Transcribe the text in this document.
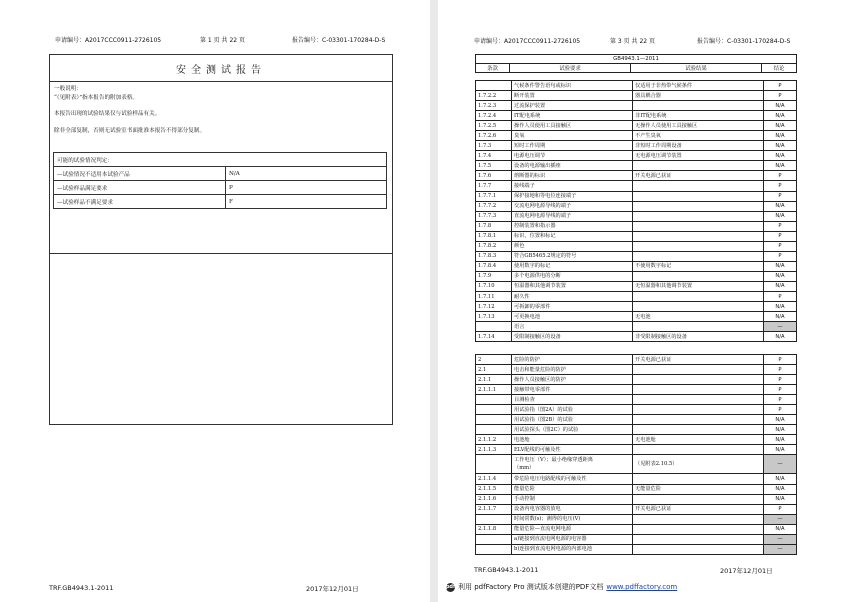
申请编号：A2017CCC0911-2726105	第 1 页 共 22 页	报告编号：C-03301-170284-D-S
安全测试报告
一般说明：
“（见附表）”指本报告的附加表格。
本报告出现的试验结果仅与试验样品有关。
除非全部复制，否则无试验室书面批准本报告不得部分复制。
可能的试验情况判定：	
—试验情况不适用本试验产品	N/A
—试验样品满足要求	P
—试验样品不满足要求	F
TRF.GB4943.1-2011	2017年12月01日
申请编号：A2017CCC0911-2726105	第 3 页 共 22 页	报告编号：C-03301-170284-D-S
GB4943.1—2011
条款	试验要求	试验结果	结论
	气候条件警告语句或标识	仅适用于非热带气候条件	P
1.7.2.2	断开装置	器具耦合器	P
1.7.2.3	过流保护装置		N/A
1.7.2.4	IT配电系统	非IT配电系统	N/A
1.7.2.5	操作人员使用工具接触区	无操作人员使用工具接触区	N/A
1.7.2.6	臭氧	不产生臭氧	N/A
1.7.3	短时工作周期	非短时工作周期设备	N/A
1.7.4	电源电压调节	无电源电压调节装置	N/A
1.7.5	设备的电源输出插座		N/A
1.7.6	熔断器的标识	开关电源已获证	P
1.7.7	接线端子		P
1.7.7.1	保护接地和等电位连接端子		P
1.7.7.2	交流电网电源导线的端子		N/A
1.7.7.3	直流电网电源导线的端子		N/A
1.7.8	控制装置和指示器		P
1.7.8.1	标识，位置和标记		P
1.7.8.2	颜色		P
1.7.8.3	符合GB5465.2规定的符号		P
1.7.8.4	使用数字的标记	不使用数字标记	N/A
1.7.9	多个电源供电的分断		N/A
1.7.10	恒温器和其他调节装置	无恒温器和其他调节装置	N/A
1.7.11	耐久性		P
1.7.12	可拆卸的零部件		N/A
1.7.13	可更换电池	无电池	N/A
	语言		—
1.7.14	受限制接触区的设备	非受限制接触区的设备	N/A
2	危险的防护	开关电源已获证	P
2.1	电击和能量危险的防护		P
2.1.1	操作人员接触区的防护		P
2.1.1.1	接触带电零部件		P
	目测检查		P
	用试验指（图2A）的试验		P
	用试验指（图2B）的试验		N/A
	用试验探头（图2C）的试验		N/A
2.1.1.2	电池舱	无电池舱	N/A
2.1.1.3	ELV配线的可触及性		N/A

	工作电压（V）；最小绝缘穿透距离
（mm）	（见附表2.10.5）	—
2.1.1.4	带危险电压电路配线的可触及性		N/A
2.1.1.5	能量危险	无能量危险	N/A
2.1.1.6	手动控制		N/A
2.1.1.7	设备内电容器的放电	开关电源已获证	P
	时间常数(s)；测得的电压(V)		—
2.1.1.8	能量危险—直流电网电源		N/A
	a)链接到直流电网电源的电容器		—
	b)连接到直流电网电源的内部电池		—
TRF.GB4943.1-2011	2017年12月01日
pdf 利用 pdfFactory Pro 测试版本创建的PDF文档 www.pdffactory.com
